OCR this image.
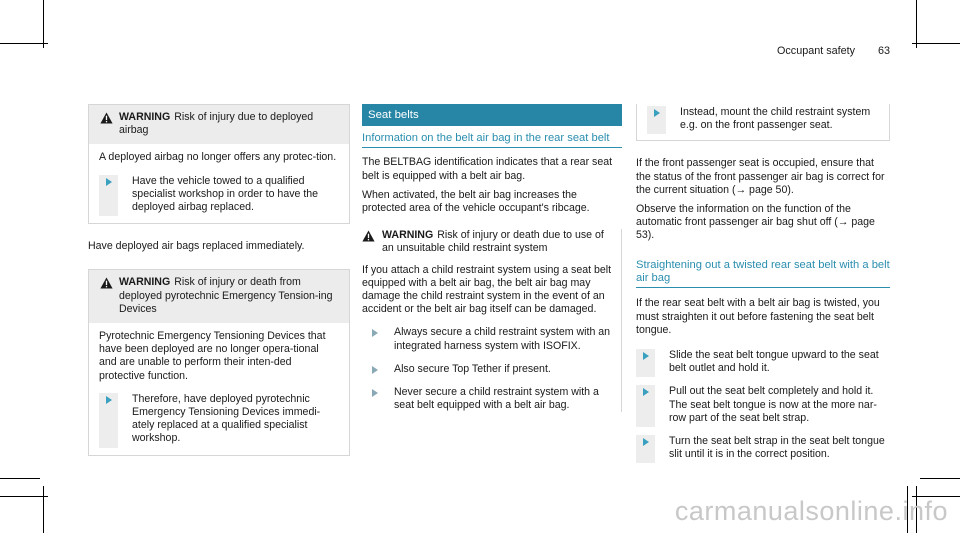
Occupant safety 63
WARNING Risk of injury due to deployed airbag

A deployed airbag no longer offers any protec-tion.

Have the vehicle towed to a qualified specialist workshop in order to have the deployed airbag replaced.

Have deployed air bags replaced immediately.

WARNING Risk of injury or death from deployed pyrotechnic Emergency Tension-ing Devices

Pyrotechnic Emergency Tensioning Devices that have been deployed are no longer opera-tional and are unable to perform their inten-ded protective function.

Therefore, have deployed pyrotechnic Emergency Tensioning Devices immedi-ately replaced at a qualified specialist workshop.

Seat belts

Information on the belt air bag in the rear seat belt

The BELTBAG identification indicates that a rear seat belt is equipped with a belt air bag.

When activated, the belt air bag increases the protected area of the vehicle occupant's ribcage.

WARNING Risk of injury or death due to use of an unsuitable child restraint system

If you attach a child restraint system using a seat belt equipped with a belt air bag, the belt air bag may damage the child restraint system in the event of an accident or the belt air bag itself can be damaged.

Always secure a child restraint system with an integrated harness system with ISOFIX.

Also secure Top Tether if present.

Never secure a child restraint system with a seat belt equipped with a belt air bag.

Instead, mount the child restraint system e.g. on the front passenger seat.

If the front passenger seat is occupied, ensure that the status of the front passenger air bag is correct for the current situation (→ page 50).

Observe the information on the function of the automatic front passenger air bag shut off (→ page 53).

Straightening out a twisted rear seat belt with a belt air bag

If the rear seat belt with a belt air bag is twisted, you must straighten it out before fastening the seat belt tongue.

Slide the seat belt tongue upward to the seat belt outlet and hold it.

Pull out the seat belt completely and hold it. The seat belt tongue is now at the more nar-row part of the seat belt strap.

Turn the seat belt strap in the seat belt tongue slit until it is in the correct position.

carmanualsonline.info
